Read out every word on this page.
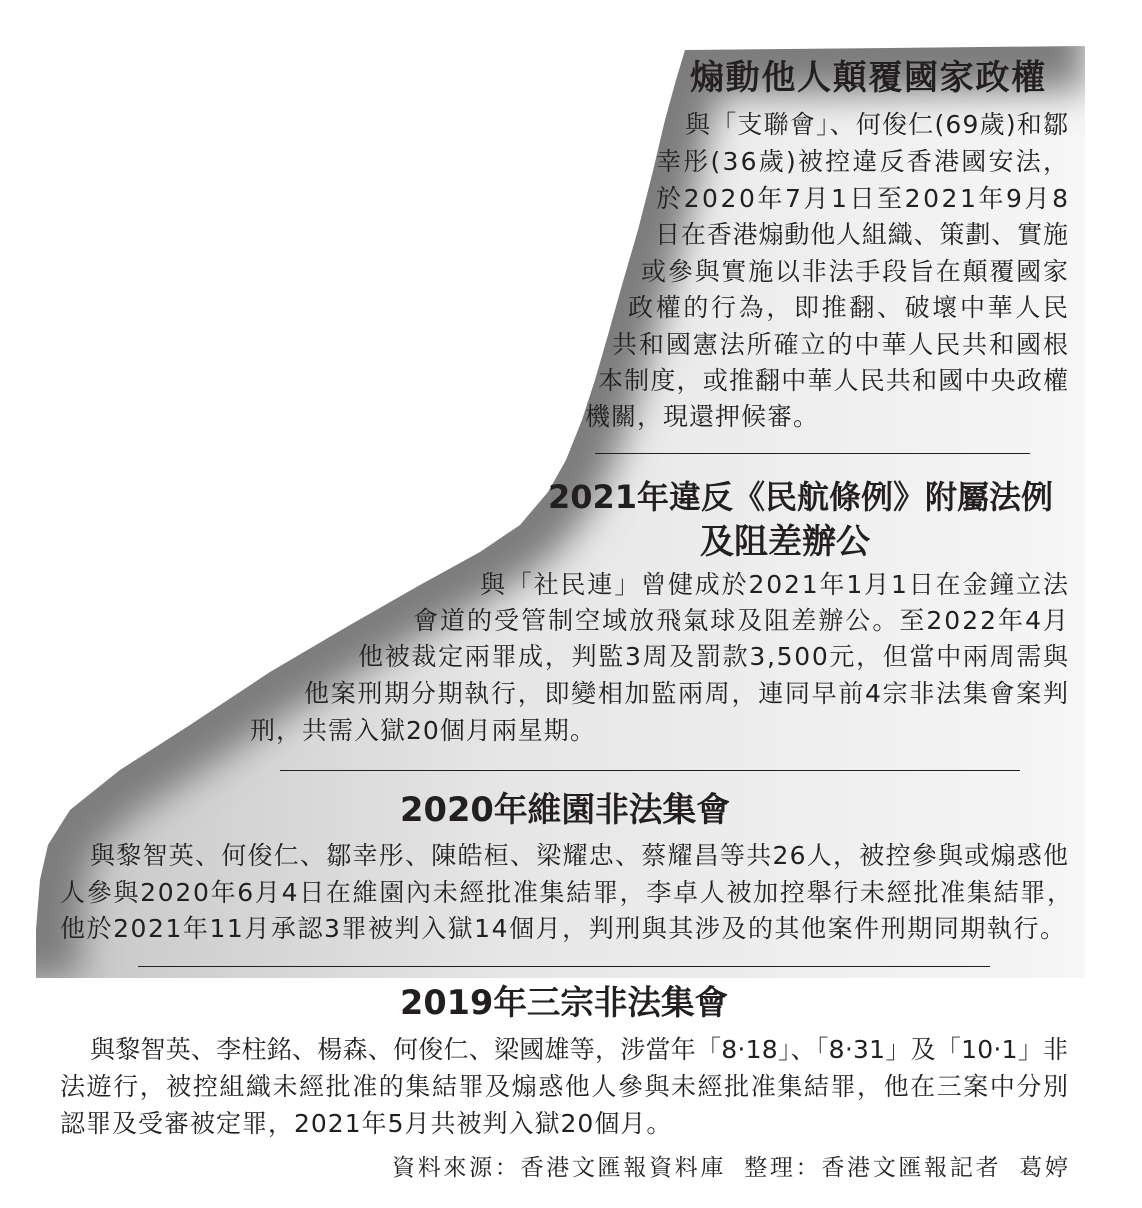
煽動他人顛覆國家政權
與「支聯會」、何俊仁(69歲)和鄒
幸彤(36歲)被控違反香港國安法，
於2020年7月1日至2021年9月8
日在香港煽動他人組織、策劃、實施
或參與實施以非法手段旨在顛覆國家
政權的行為，即推翻、破壞中華人民
共和國憲法所確立的中華人民共和國根
本制度，或推翻中華人民共和國中央政權
機關，現還押候審。
2021年違反《民航條例》附屬法例
及阻差辦公
與「社民連」曾健成於2021年1月1日在金鐘立法
會道的受管制空域放飛氣球及阻差辦公。至2022年4月
他被裁定兩罪成，判監3周及罰款3,500元，但當中兩周需與
他案刑期分期執行，即變相加監兩周，連同早前4宗非法集會案判
刑，共需入獄20個月兩星期。
2020年維園非法集會
與黎智英、何俊仁、鄒幸彤、陳皓桓、梁耀忠、蔡耀昌等共26人，被控參與或煽惑他
人參與2020年6月4日在維園內未經批准集結罪，李卓人被加控舉行未經批准集結罪，
他於2021年11月承認3罪被判入獄14個月，判刑與其涉及的其他案件刑期同期執行。
2019年三宗非法集會
與黎智英、李柱銘、楊森、何俊仁、梁國雄等，涉當年「8‧18」、「8‧31」及「10‧1」非
法遊行，被控組織未經批准的集結罪及煽惑他人參與未經批准集結罪，他在三案中分別
認罪及受審被定罪，2021年5月共被判入獄20個月。
資料來源：香港文匯報資料庫 整理：香港文匯報記者 葛婷
